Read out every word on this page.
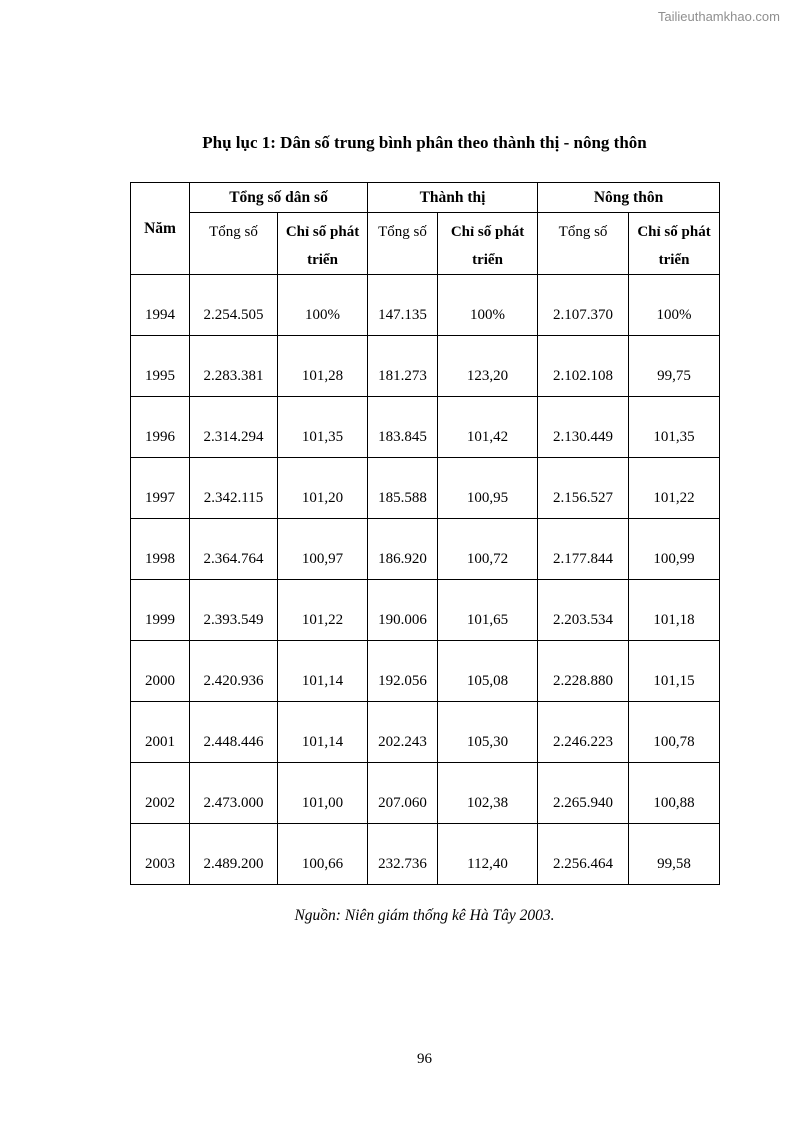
Tailieuthamkhao.com
Phụ lục 1: Dân số trung bình phân theo thành thị - nông thôn
Năm	Tổng số dân số		Thành thị		Nông thôn	
	Tổng số	Chỉ số phát triển	Tổng số	Chỉ số phát triển	Tổng số	Chỉ số phát triển
1994	2.254.505	100%	147.135	100%	2.107.370	100%
1995	2.283.381	101,28	181.273	123,20	2.102.108	99,75
1996	2.314.294	101,35	183.845	101,42	2.130.449	101,35
1997	2.342.115	101,20	185.588	100,95	2.156.527	101,22
1998	2.364.764	100,97	186.920	100,72	2.177.844	100,99
1999	2.393.549	101,22	190.006	101,65	2.203.534	101,18
2000	2.420.936	101,14	192.056	105,08	2.228.880	101,15
2001	2.448.446	101,14	202.243	105,30	2.246.223	100,78
2002	2.473.000	101,00	207.060	102,38	2.265.940	100,88
2003	2.489.200	100,66	232.736	112,40	2.256.464	99,58
Nguồn: Niên giám thống kê Hà Tây 2003.
96
